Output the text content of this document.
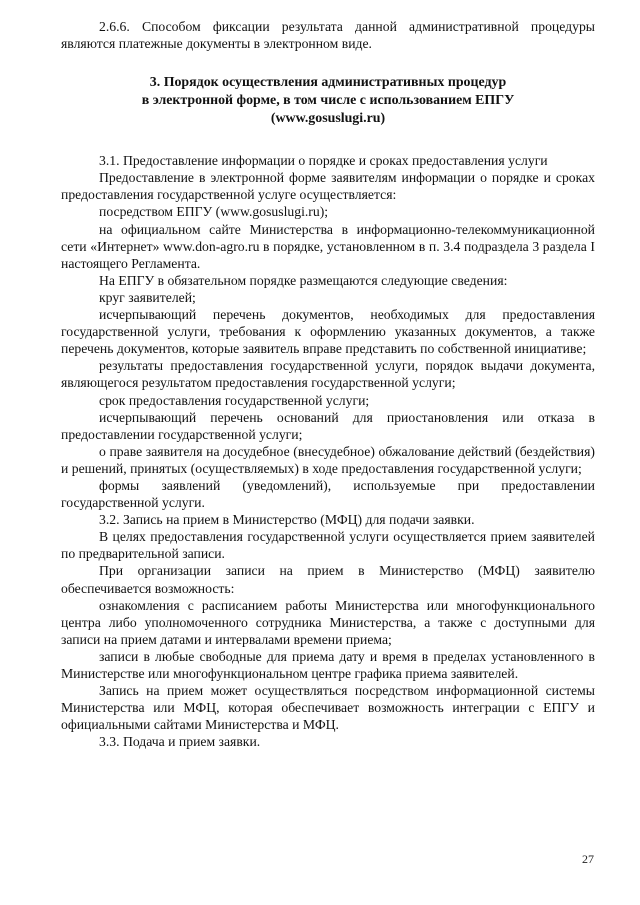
2.6.6. Способом фиксации результата данной административной процедуры являются платежные документы в электронном виде.

3. Порядок осуществления административных процедур
в электронной форме, в том числе с использованием ЕПГУ
(www.gosuslugi.ru)

3.1. Предоставление информации о порядке и сроках предоставления услуги

Предоставление в электронной форме заявителям информации о порядке и сроках предоставления государственной услуге осуществляется:

посредством ЕПГУ (www.gosuslugi.ru);

на официальном сайте Министерства в информационно-телекоммуникационной сети «Интернет» www.don-agro.ru в порядке, установленном в п. 3.4 подраздела 3 раздела I настоящего Регламента.

На ЕПГУ в обязательном порядке размещаются следующие сведения:

круг заявителей;

исчерпывающий перечень документов, необходимых для предоставления государственной услуги, требования к оформлению указанных документов, а также перечень документов, которые заявитель вправе представить по собственной инициативе;

результаты предоставления государственной услуги, порядок выдачи документа, являющегося результатом предоставления государственной услуги;

срок предоставления государственной услуги;

исчерпывающий перечень оснований для приостановления или отказа в предоставлении государственной услуги;

о праве заявителя на досудебное (внесудебное) обжалование действий (бездействия) и решений, принятых (осуществляемых) в ходе предоставления государственной услуги;

формы заявлений (уведомлений), используемые при предоставлении государственной услуги.

3.2. Запись на прием в Министерство (МФЦ) для подачи заявки.

В целях предоставления государственной услуги осуществляется прием заявителей по предварительной записи.

При организации записи на прием в Министерство (МФЦ) заявителю обеспечивается возможность:

ознакомления с расписанием работы Министерства или многофункционального центра либо уполномоченного сотрудника Министерства, а также с доступными для записи на прием датами и интервалами времени приема;

записи в любые свободные для приема дату и время в пределах установленного в Министерстве или многофункциональном центре графика приема заявителей.

Запись на прием может осуществляться посредством информационной системы Министерства или МФЦ, которая обеспечивает возможность интеграции с ЕПГУ и официальными сайтами Министерства и МФЦ.

3.3. Подача и прием заявки.

27
